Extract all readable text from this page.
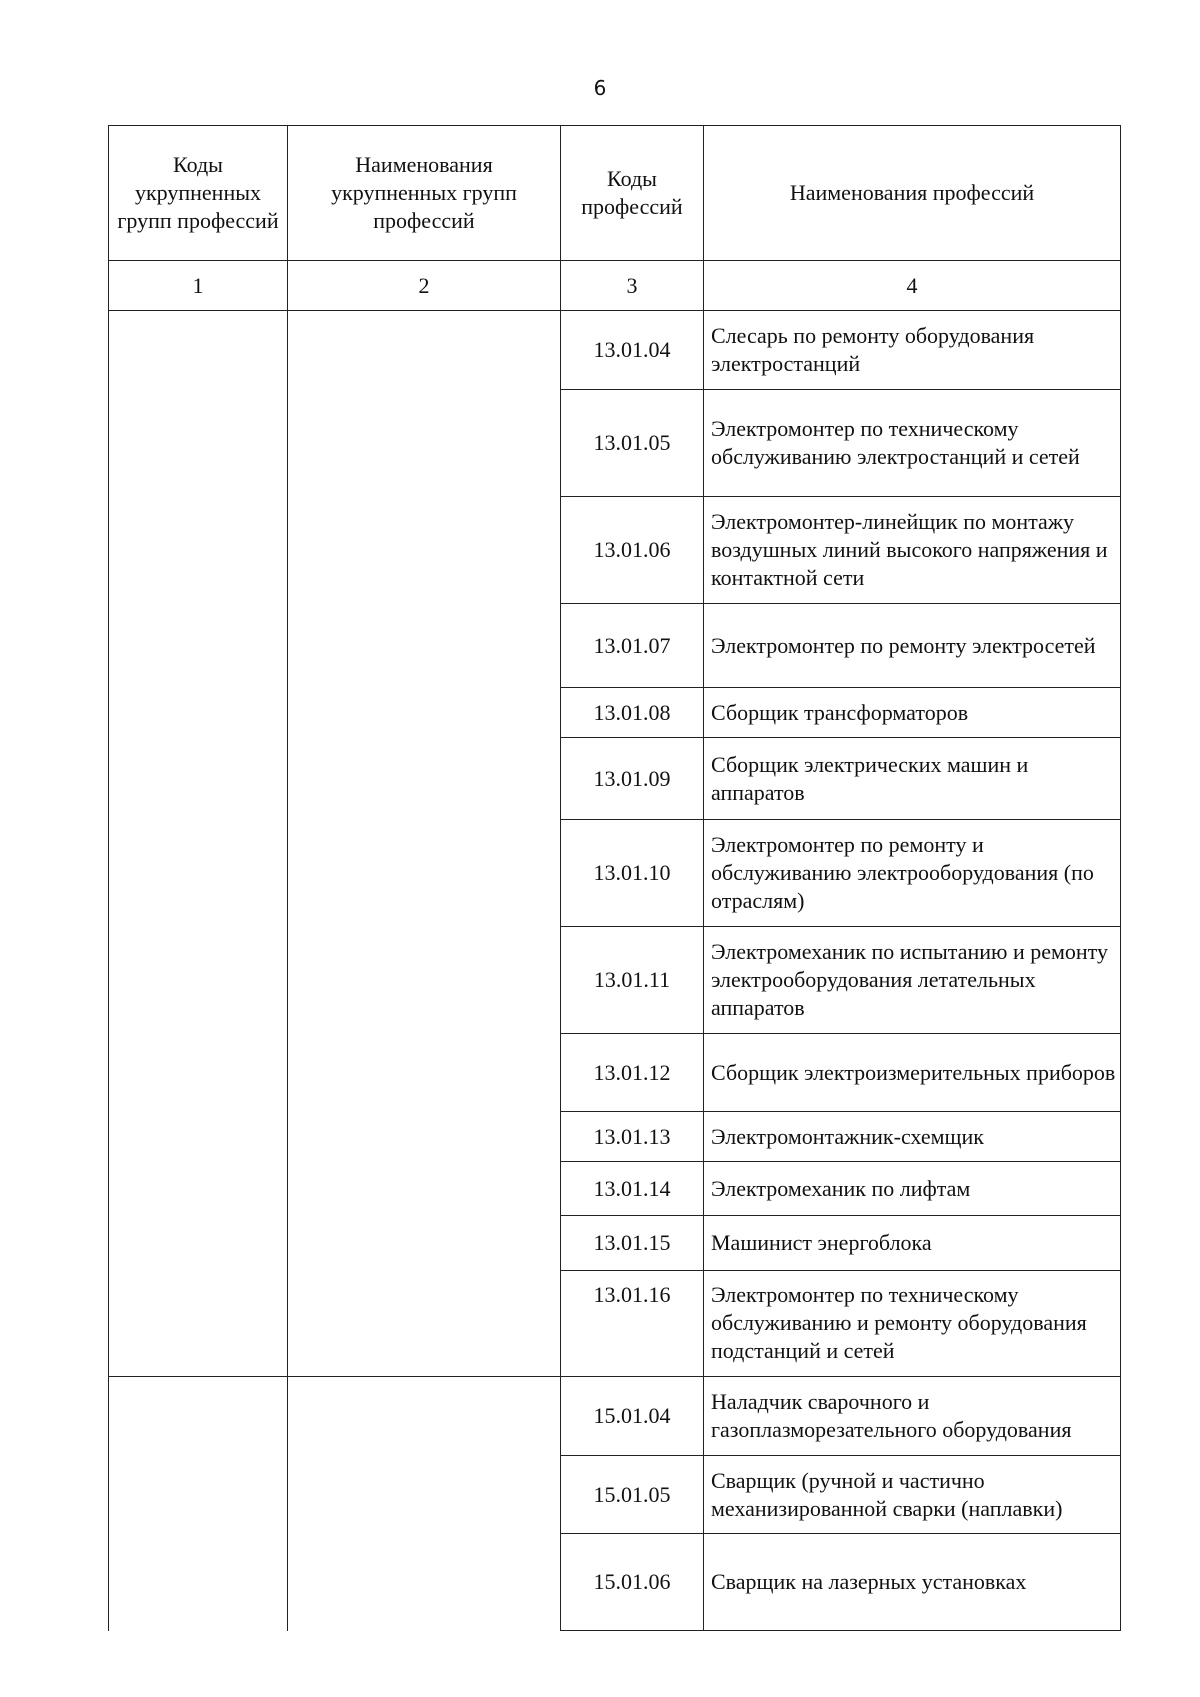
6
Коды укрупненных групп профессий	Наименования укрупненных групп профессий	Коды профессий	Наименования профессий
1	2	3	4
		13.01.04	Слесарь по ремонту оборудования электростанций
		13.01.05	Электромонтер по техническому обслуживанию электростанций и сетей
		13.01.06	Электромонтер-линейщик по монтажу воздушных линий высокого напряжения и контактной сети
		13.01.07	Электромонтер по ремонту электросетей
		13.01.08	Сборщик трансформаторов
		13.01.09	Сборщик электрических машин и аппаратов
		13.01.10	Электромонтер по ремонту и обслуживанию электрооборудования (по отраслям)
		13.01.11	Электромеханик по испытанию и ремонту электрооборудования летательных аппаратов
		13.01.12	Сборщик электроизмерительных приборов
		13.01.13	Электромонтажник-схемщик
		13.01.14	Электромеханик по лифтам
		13.01.15	Машинист энергоблока
		13.01.16	Электромонтер по техническому обслуживанию и ремонту оборудования подстанций и сетей
		15.01.04	Наладчик сварочного и газоплазморезательного оборудования
		15.01.05	Сварщик (ручной и частично механизированной сварки (наплавки)
		15.01.06	Сварщик на лазерных установках
